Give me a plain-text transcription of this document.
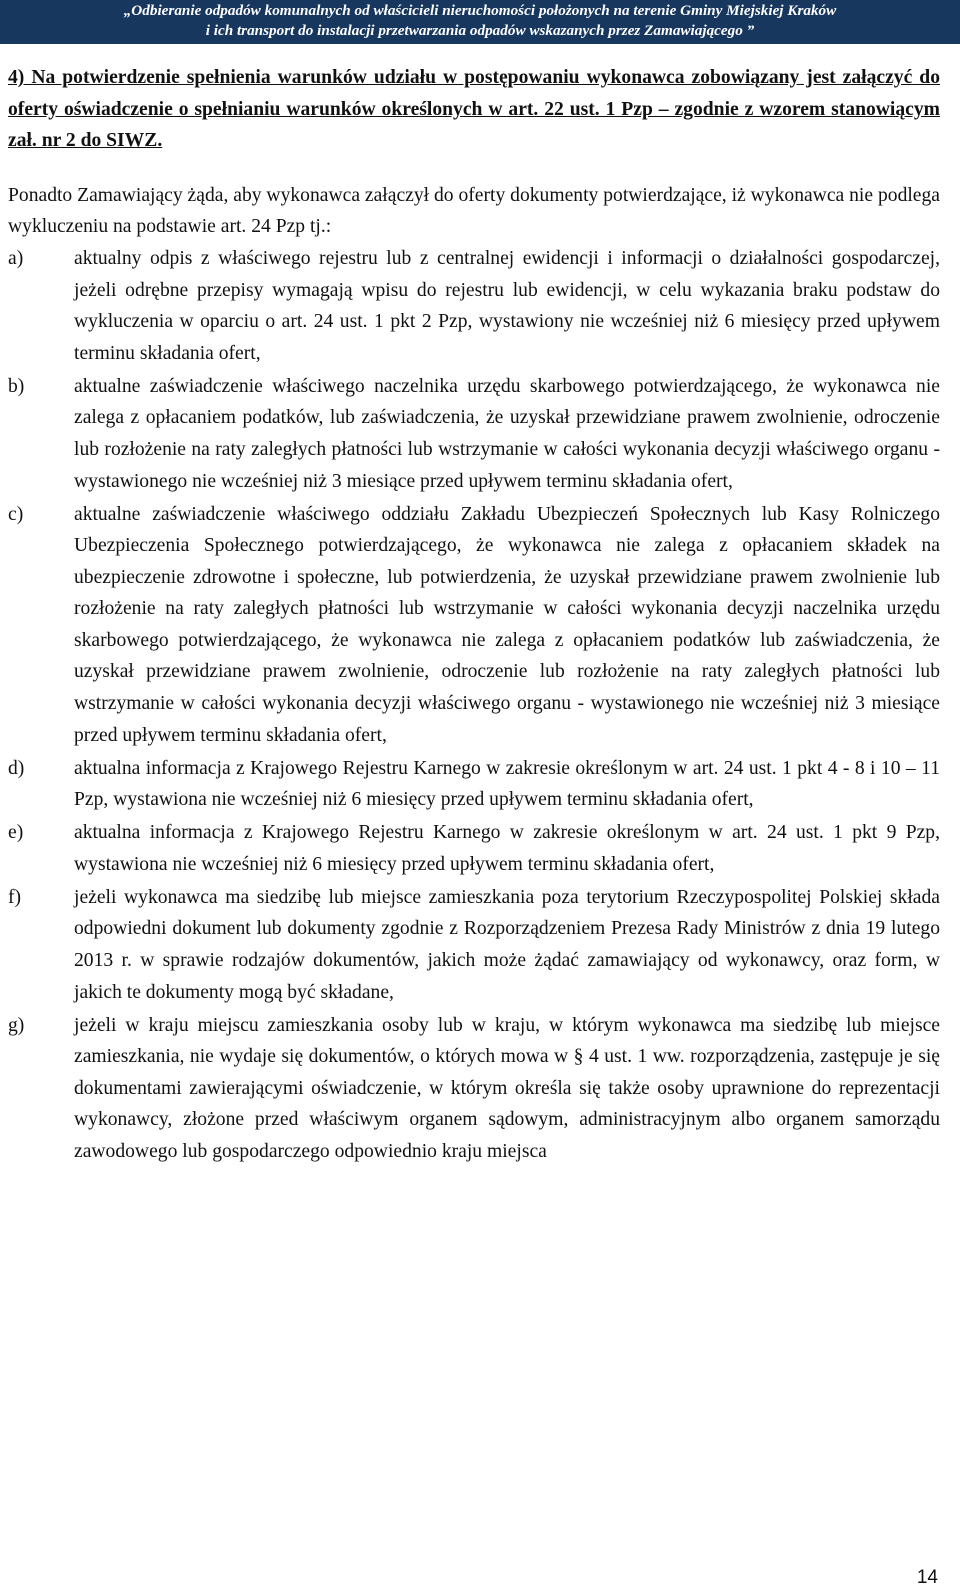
„Odbieranie odpadów komunalnych od właścicieli nieruchomości położonych na terenie Gminy Miejskiej Kraków
i ich transport do instalacji przetwarzania odpadów wskazanych przez Zamawiającego ”

4) Na potwierdzenie spełnienia warunków udziału w postępowaniu wykonawca zobowiązany jest załączyć do oferty oświadczenie o spełnianiu warunków określonych w art. 22 ust. 1 Pzp – zgodnie z wzorem stanowiącym zał. nr 2 do SIWZ.

Ponadto Zamawiający żąda, aby wykonawca załączył do oferty dokumenty potwierdzające, iż wykonawca nie podlega wykluczeniu na podstawie art. 24 Pzp tj.:

a)	aktualny odpis z właściwego rejestru lub z centralnej ewidencji i informacji o działalności gospodarczej, jeżeli odrębne przepisy wymagają wpisu do rejestru lub ewidencji, w celu wykazania braku podstaw do wykluczenia w oparciu o art. 24 ust. 1 pkt 2 Pzp, wystawiony nie wcześniej niż 6 miesięcy przed upływem terminu składania ofert,
b)	aktualne zaświadczenie właściwego naczelnika urzędu skarbowego potwierdzającego, że wykonawca nie zalega z opłacaniem podatków, lub zaświadczenia, że uzyskał przewidziane prawem zwolnienie, odroczenie lub rozłożenie na raty zaległych płatności lub wstrzymanie w całości wykonania decyzji właściwego organu - wystawionego nie wcześniej niż 3 miesiące przed upływem terminu składania ofert,
c)	aktualne zaświadczenie właściwego oddziału Zakładu Ubezpieczeń Społecznych lub Kasy Rolniczego Ubezpieczenia Społecznego potwierdzającego, że wykonawca nie zalega z opłacaniem składek na ubezpieczenie zdrowotne i społeczne, lub potwierdzenia, że uzyskał przewidziane prawem zwolnienie lub rozłożenie na raty zaległych płatności lub wstrzymanie w całości wykonania decyzji naczelnika urzędu skarbowego potwierdzającego, że wykonawca nie zalega z opłacaniem podatków lub zaświadczenia, że uzyskał przewidziane prawem zwolnienie, odroczenie lub rozłożenie na raty zaległych płatności lub wstrzymanie w całości wykonania decyzji właściwego organu - wystawionego nie wcześniej niż 3 miesiące przed upływem terminu składania ofert,
d)	aktualna informacja z Krajowego Rejestru Karnego w zakresie określonym w art. 24 ust. 1 pkt 4 - 8 i 10 – 11 Pzp, wystawiona nie wcześniej niż 6 miesięcy przed upływem terminu składania ofert,
e)	aktualna informacja z Krajowego Rejestru Karnego w zakresie określonym w art. 24 ust. 1 pkt 9 Pzp, wystawiona nie wcześniej niż 6 miesięcy przed upływem terminu składania ofert,
f)	jeżeli wykonawca ma siedzibę lub miejsce zamieszkania poza terytorium Rzeczypospolitej Polskiej składa odpowiedni dokument lub dokumenty zgodnie z Rozporządzeniem Prezesa Rady Ministrów z dnia 19 lutego 2013 r. w sprawie rodzajów dokumentów, jakich może żądać zamawiający od wykonawcy, oraz form, w jakich te dokumenty mogą być składane,
g)	jeżeli w kraju miejscu zamieszkania osoby lub w kraju, w którym wykonawca ma siedzibę lub miejsce zamieszkania, nie wydaje się dokumentów, o których mowa w § 4 ust. 1 ww. rozporządzenia, zastępuje je się dokumentami zawierającymi oświadczenie, w którym określa się także osoby uprawnione do reprezentacji wykonawcy, złożone przed właściwym organem sądowym, administracyjnym albo organem samorządu zawodowego lub gospodarczego odpowiednio kraju miejsca
14
